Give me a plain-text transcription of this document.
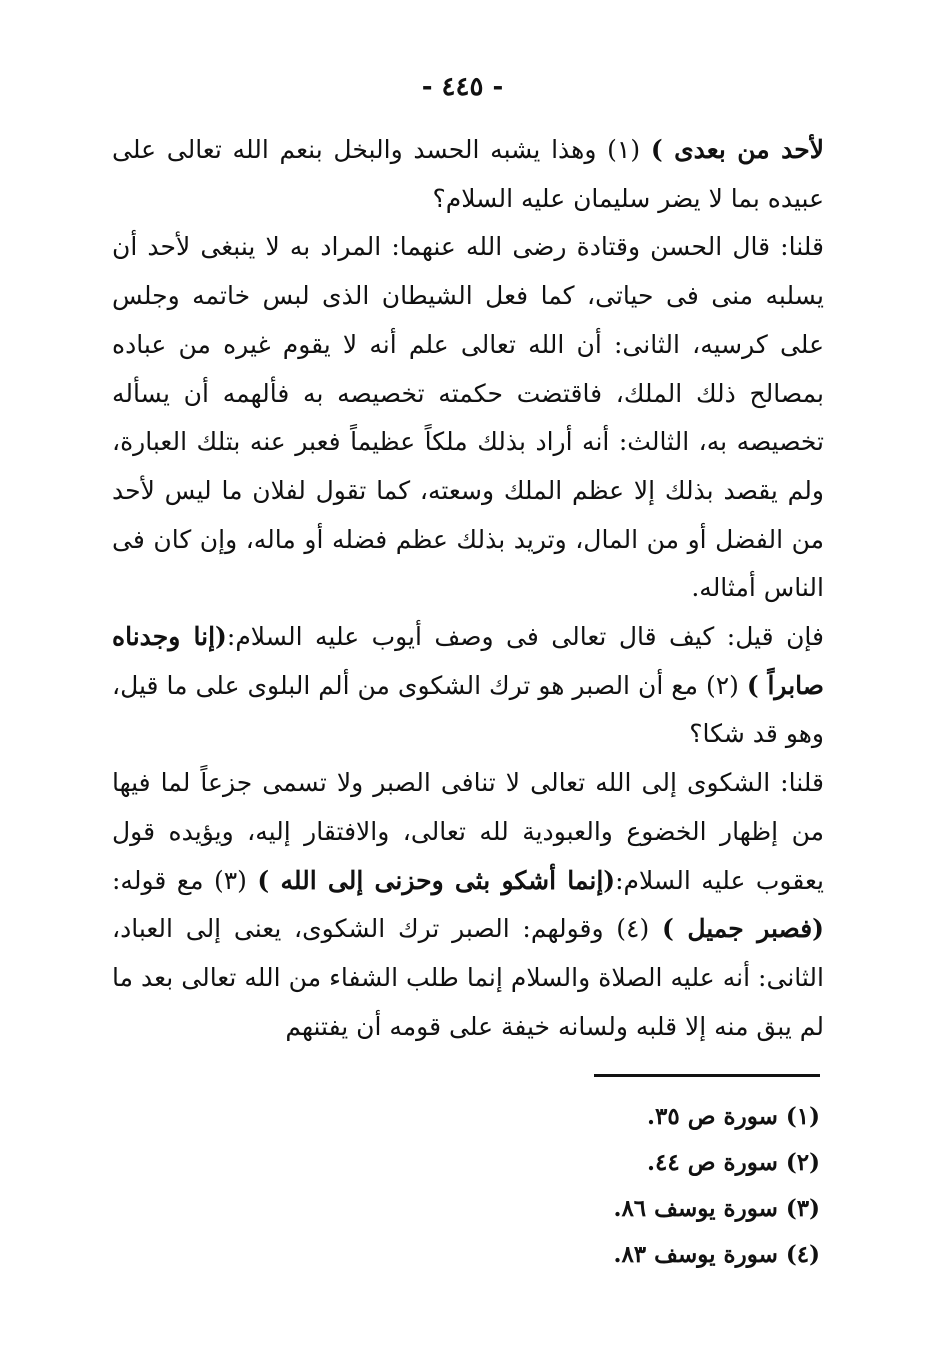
- ٤٤٥ -
لأحد من بعدى ) (١) وهذا يشبه الحسد والبخل بنعم الله تعالى على عبيده بما لا يضر سليمان عليه السلام؟
قلنا: قال الحسن وقتادة رضى الله عنهما: المراد به لا ينبغى لأحد أن يسلبه منى فى حياتى، كما فعل الشيطان الذى لبس خاتمه وجلس على كرسيه، الثانى: أن الله تعالى علم أنه لا يقوم غيره من عباده بمصالح ذلك الملك، فاقتضت حكمته تخصيصه به فألهمه أن يسأله تخصيصه به، الثالث: أنه أراد بذلك ملكاً عظيماً فعبر عنه بتلك العبارة، ولم يقصد بذلك إلا عظم الملك وسعته، كما تقول لفلان ما ليس لأحد من الفضل أو من المال، وتريد بذلك عظم فضله أو ماله، وإن كان فى الناس أمثاله.
فإن قيل: كيف قال تعالى فى وصف أيوب عليه السلام:(إنا وجدناه صابراً ) (٢) مع أن الصبر هو ترك الشكوى من ألم البلوى على ما قيل، وهو قد شكا؟
قلنا: الشكوى إلى الله تعالى لا تنافى الصبر ولا تسمى جزعاً لما فيها من إظهار الخضوع والعبودية لله تعالى، والافتقار إليه، ويؤيده قول يعقوب عليه السلام:(إنما أشكو بثى وحزنى إلى الله ) (٣) مع قوله:(فصبر جميل ) (٤) وقولهم: الصبر ترك الشكوى، يعنى إلى العباد، الثانى: أنه عليه الصلاة والسلام إنما طلب الشفاء من الله تعالى بعد ما لم يبق منه إلا قلبه ولسانه خيفة على قومه أن يفتنهم
(١) سورة ص ٣٥.
(٢) سورة ص ٤٤.
(٣) سورة يوسف ٨٦.
(٤) سورة يوسف ٨٣.
